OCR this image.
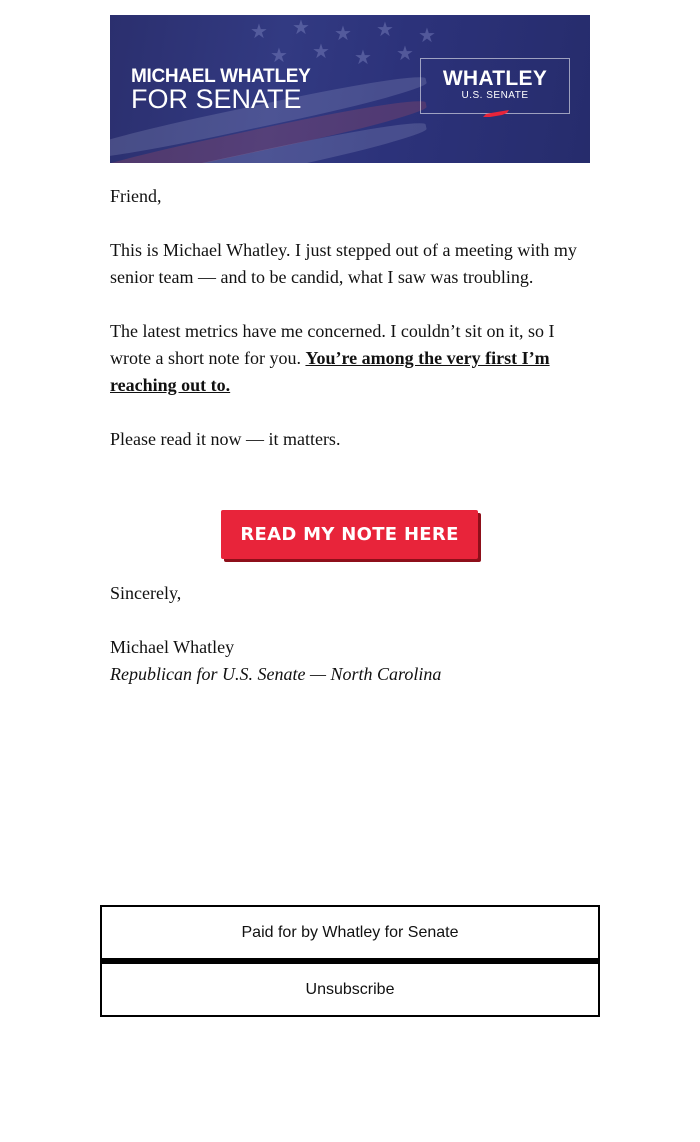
★ ★ ★ ★ ★
★ ★ ★ ★
MICHAEL WHATLEY
FOR SENATE
WHATLEY
U.S. SENATE

Friend,

This is Michael Whatley. I just stepped out of a meeting with my senior team — and to be candid, what I saw was troubling.

The latest metrics have me concerned. I couldn’t sit on it, so I wrote a short note for you. You’re among the very first I’m reaching out to.

Please read it now — it matters.

READ MY NOTE HERE

Sincerely,

Michael Whatley
Republican for U.S. Senate — North Carolina
Paid for by Whatley for Senate
Unsubscribe
